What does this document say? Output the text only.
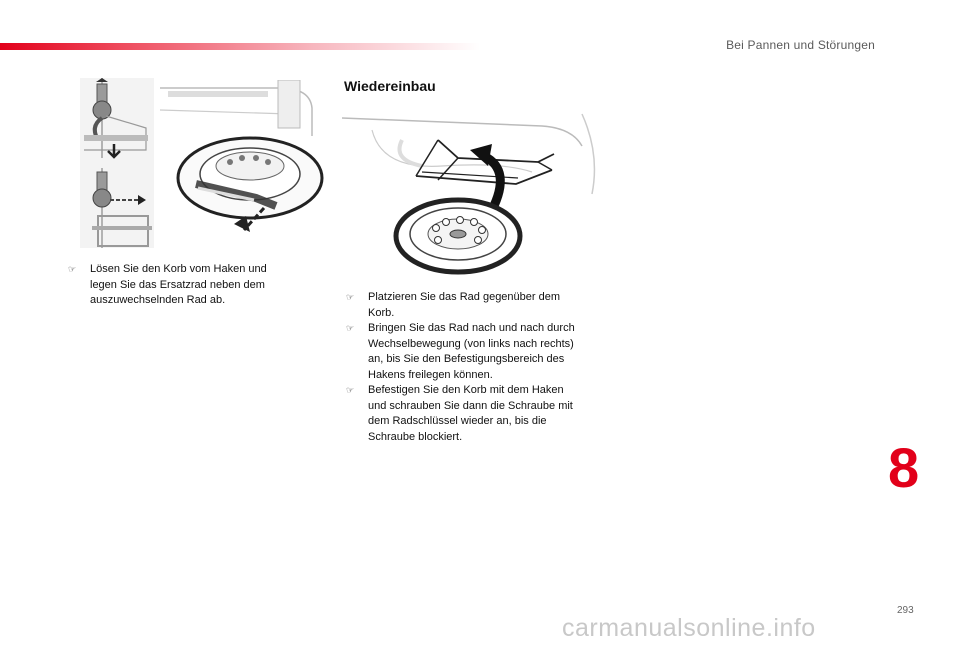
Bei Pannen und Störungen
☞	Lösen Sie den Korb vom Haken und legen Sie das Ersatzrad neben dem auszuwechselnden Rad ab.
Wiedereinbau
☞	Platzieren Sie das Rad gegenüber dem Korb.
☞	Bringen Sie das Rad nach und nach durch Wechselbewegung (von links nach rechts) an, bis Sie den Befestigungsbereich des Hakens freilegen können.
☞	Befestigen Sie den Korb mit dem Haken und schrauben Sie dann die Schraube mit dem Radschlüssel wieder an, bis die Schraube blockiert.	8
293
carmanualsonline.info
